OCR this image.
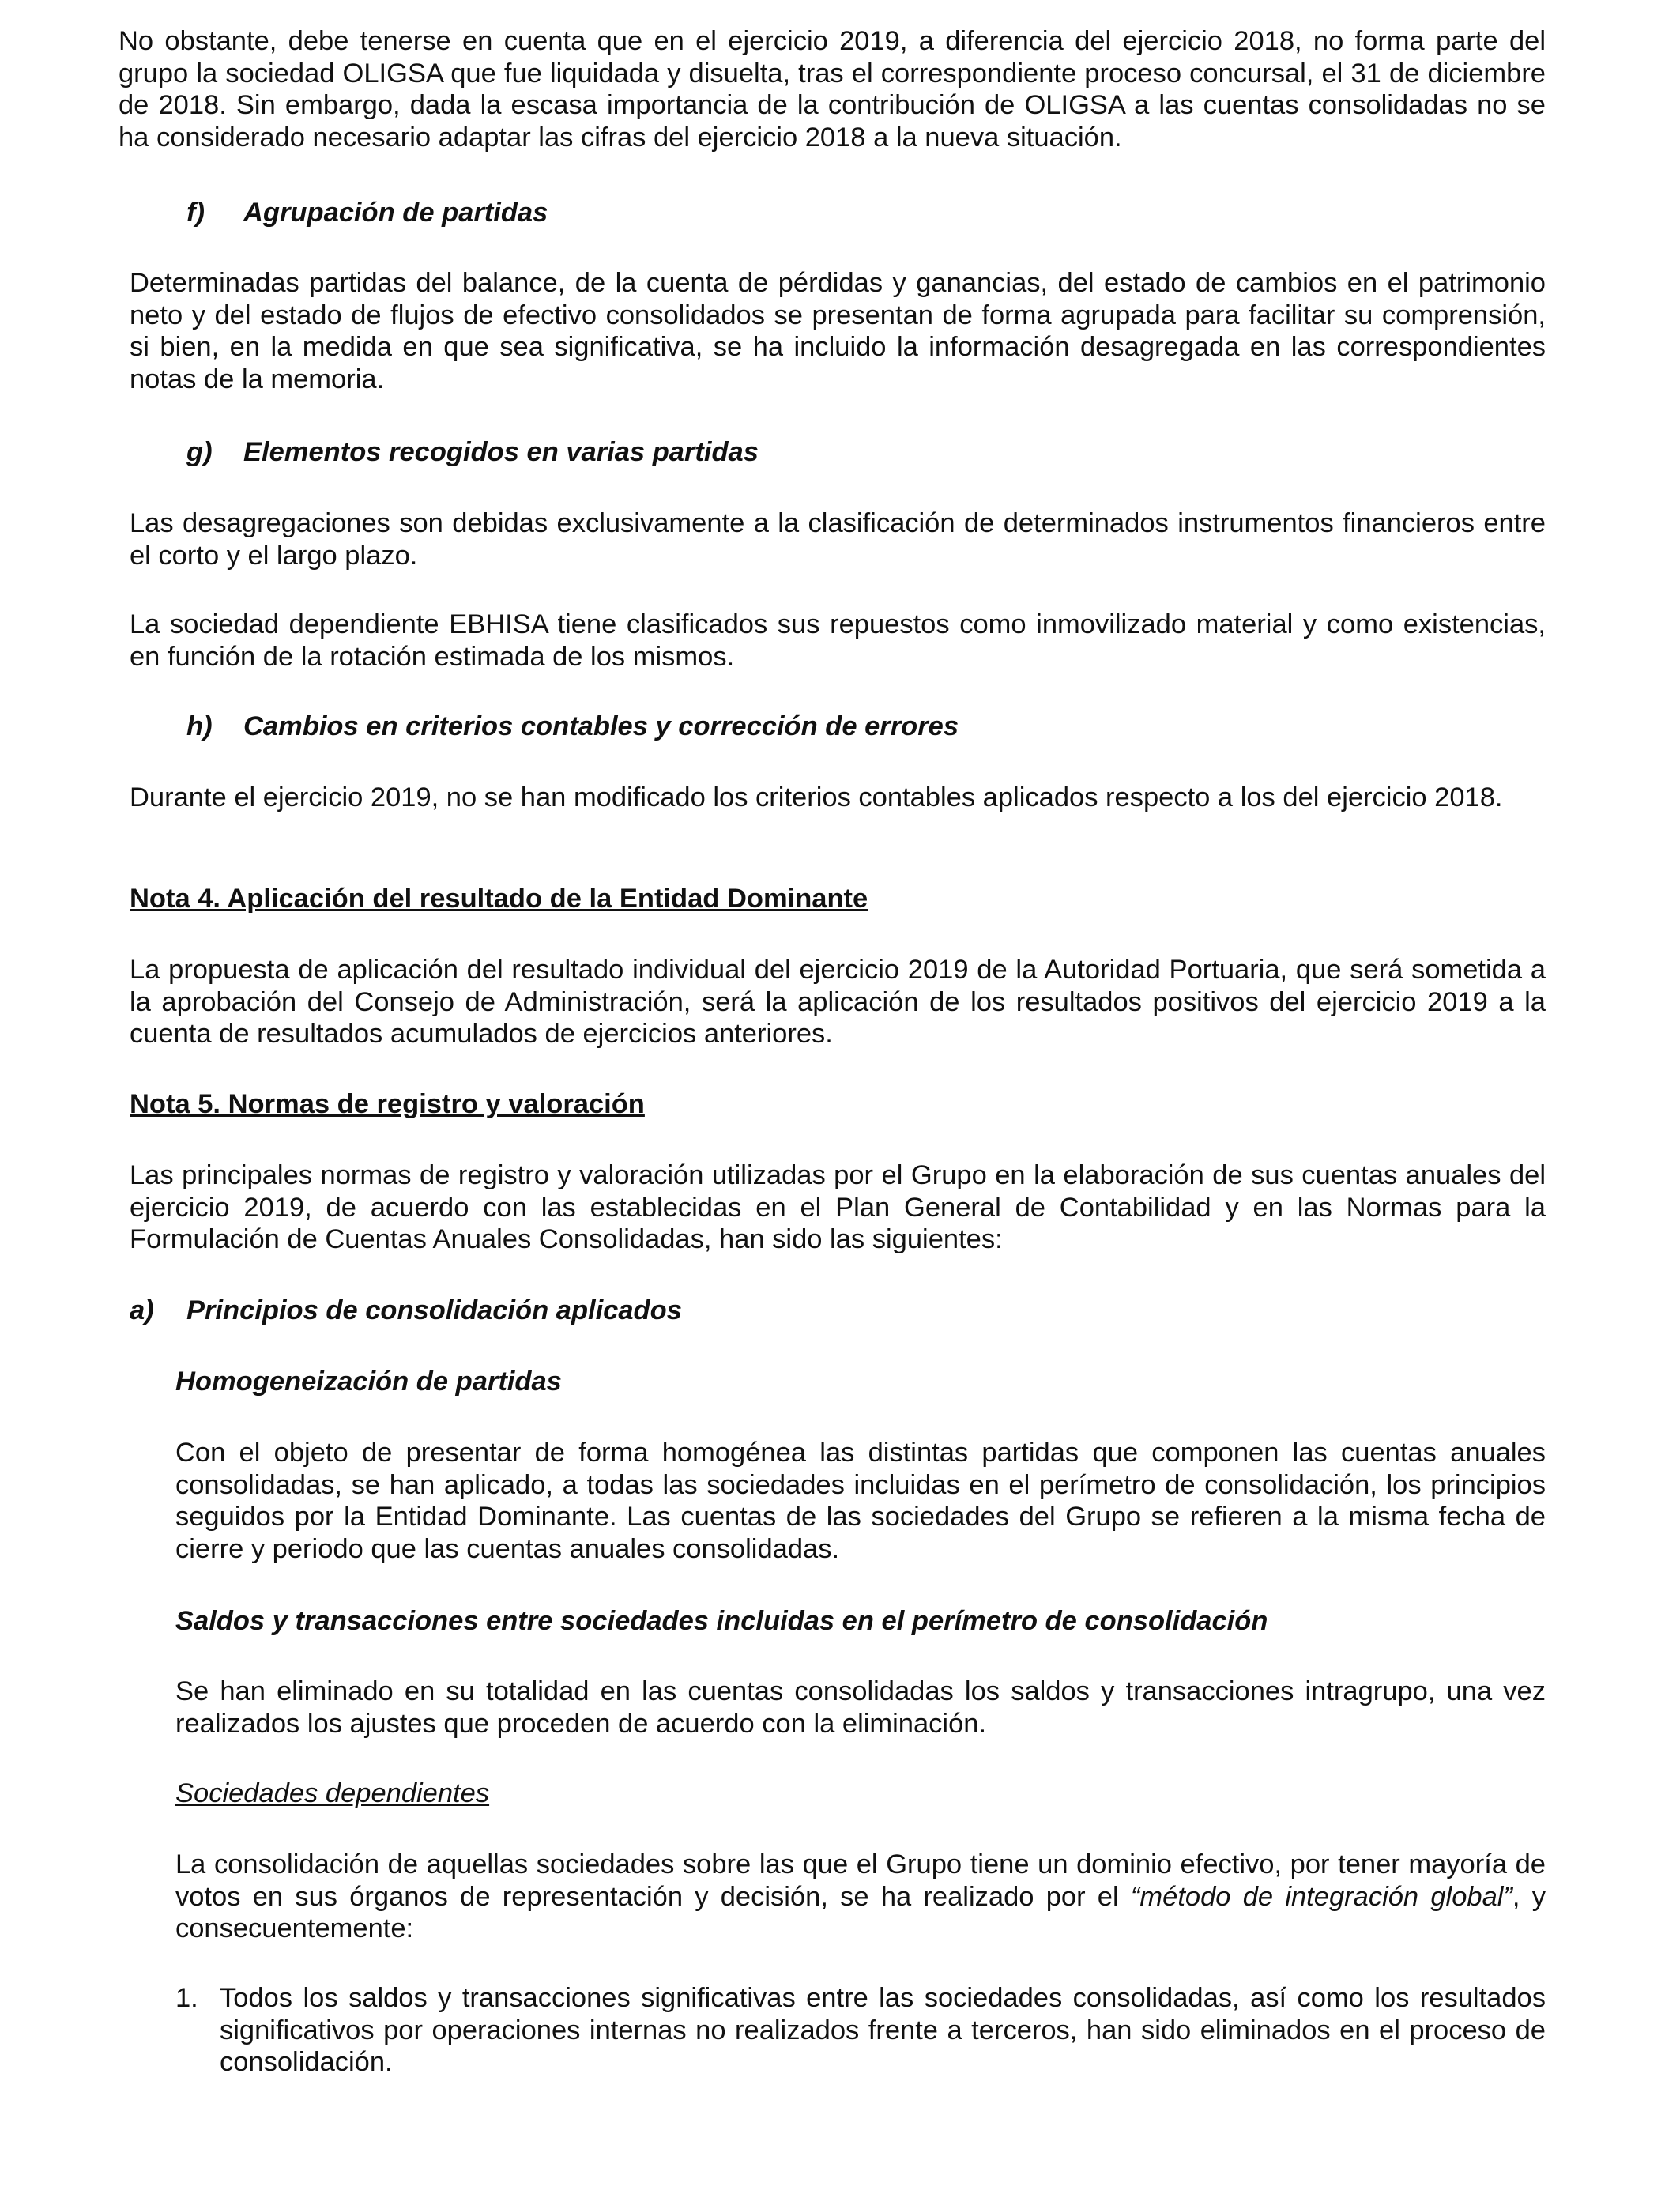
No obstante, debe tenerse en cuenta que en el ejercicio 2019, a diferencia del ejercicio 2018, no forma parte del grupo la sociedad OLIGSA que fue liquidada y disuelta, tras el correspondiente proceso concursal, el 31 de diciembre de 2018. Sin embargo, dada la escasa importancia de la contribución de OLIGSA a las cuentas consolidadas no se ha considerado necesario adaptar las cifras del ejercicio 2018 a la nueva situación.

f) Agrupación de partidas

Determinadas partidas del balance, de la cuenta de pérdidas y ganancias, del estado de cambios en el patrimonio neto y del estado de flujos de efectivo consolidados se presentan de forma agrupada para facilitar su comprensión, si bien, en la medida en que sea significativa, se ha incluido la información desagregada en las correspondientes notas de la memoria.

g) Elementos recogidos en varias partidas

Las desagregaciones son debidas exclusivamente a la clasificación de determinados instrumentos financieros entre el corto y el largo plazo.

La sociedad dependiente EBHISA tiene clasificados sus repuestos como inmovilizado material y como existencias, en función de la rotación estimada de los mismos.

h) Cambios en criterios contables y corrección de errores

Durante el ejercicio 2019, no se han modificado los criterios contables aplicados respecto a los del ejercicio 2018.

Nota 4. Aplicación del resultado de la Entidad Dominante

La propuesta de aplicación del resultado individual del ejercicio 2019 de la Autoridad Portuaria, que será sometida a la aprobación del Consejo de Administración, será la aplicación de los resultados positivos del ejercicio 2019 a la cuenta de resultados acumulados de ejercicios anteriores.

Nota 5. Normas de registro y valoración

Las principales normas de registro y valoración utilizadas por el Grupo en la elaboración de sus cuentas anuales del ejercicio 2019, de acuerdo con las establecidas en el Plan General de Contabilidad y en las Normas para la Formulación de Cuentas Anuales Consolidadas, han sido las siguientes:

a) Principios de consolidación aplicados
Homogeneización de partidas

Con el objeto de presentar de forma homogénea las distintas partidas que componen las cuentas anuales consolidadas, se han aplicado, a todas las sociedades incluidas en el perímetro de consolidación, los principios seguidos por la Entidad Dominante. Las cuentas de las sociedades del Grupo se refieren a la misma fecha de cierre y periodo que las cuentas anuales consolidadas.

Saldos y transacciones entre sociedades incluidas en el perímetro de consolidación

Se han eliminado en su totalidad en las cuentas consolidadas los saldos y transacciones intragrupo, una vez realizados los ajustes que proceden de acuerdo con la eliminación.

Sociedades dependientes

La consolidación de aquellas sociedades sobre las que el Grupo tiene un dominio efectivo, por tener mayoría de votos en sus órganos de representación y decisión, se ha realizado por el “método de integración global”, y consecuentemente:

1. Todos los saldos y transacciones significativas entre las sociedades consolidadas, así como los resultados significativos por operaciones internas no realizados frente a terceros, han sido eliminados en el proceso de consolidación.
